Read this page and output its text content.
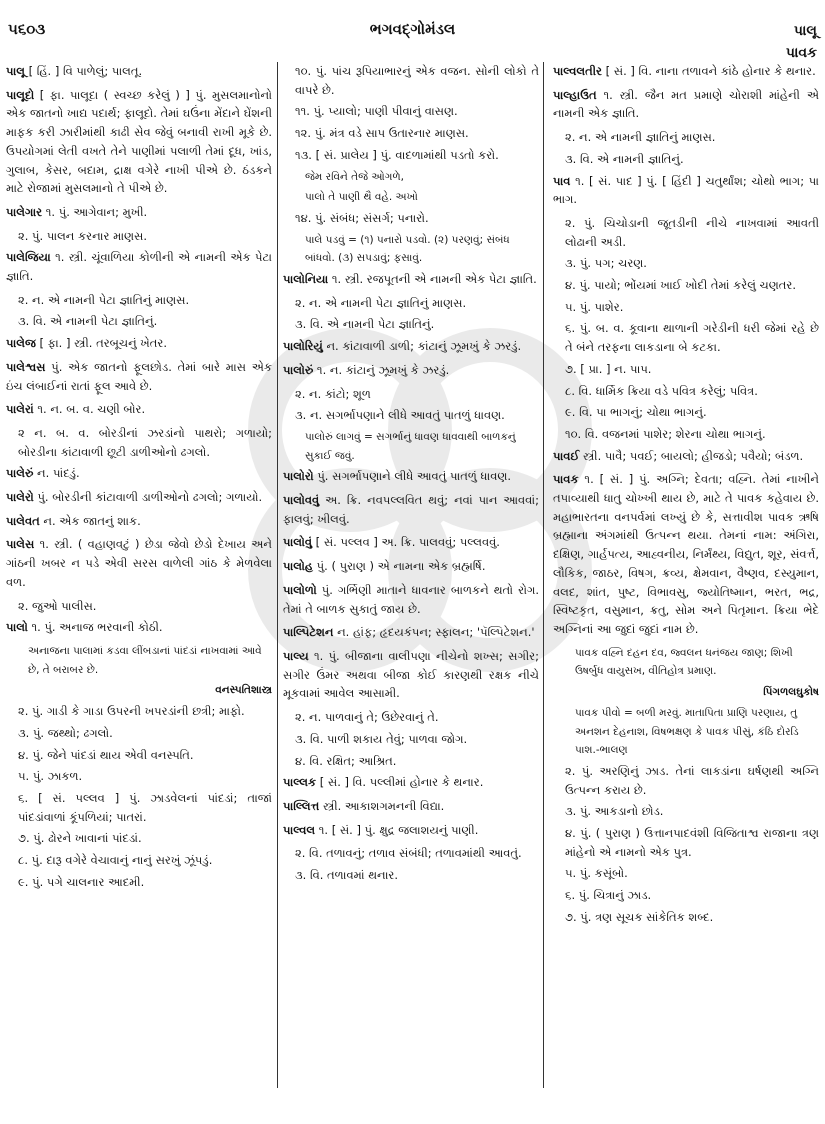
૫૬૦૩	ભગવદ્ગોમંડલ	પાલૂ
પાવક

પાલૂ [ હિં. ] વિ પાળેલું; પાલતૂ.

પાલૂદો [ ફા. પાલૂદા ( સ્વચ્છ કરેલું ) ] પું. મુસલમાનોનો એક જાતનો ખાદ્ય પદાર્થ; ફાલૂદો. તેમાં ઘઉંના મેંદાને ઘેંશની માફક કરી ઝારીમાંથી કાઢી સેવ જેવું બનાવી રાખી મૂકે છે. ઉપયોગમાં લેતી વખતે તેને પાણીમાં પલાળી તેમાં દૂધ, ખાંડ, ગુલાબ, કેસર, બદામ, દ્રાક્ષ વગેરે નાખી પીએ છે. ઠંડકને માટે રોજામાં મુસલમાનો તે પીએ છે.

પાલેગાર ૧. પું. આગેવાન; મુખી.

૨. પું. પાલન કરનાર માણસ.

પાલેજિયા ૧. સ્ત્રી. ચૂંવાળિયા કોળીની એ નામની એક પેટા જ્ઞાતિ.

૨. ન. એ નામની પેટા જ્ઞાતિનું માણસ.

૩. વિ. એ નામની પેટા જ્ઞાતિનું.

પાલેજ [ ફા. ] સ્ત્રી. તરબૂચનું ખેતર.

પાલેશ્વસ પું. એક જાતનો ફૂલછોડ. તેમાં બારે માસ એક ઇંચ લંબાઈનાં રાતાં ફૂલ આવે છે.

પાલેરાં ૧. ન. બ. વ. ચણી બોર.

૨ ન. બ. વ. બોરડીનાં ઝરડાંનો પાથરો; ગળાયો; બોરડીના કાંટાવાળી છૂટી ડાળીઓનો ઢગલો.

પાલેરું ન. પાંદડું.

પાલેરો પું. બોરડીની કાંટાવાળી ડાળીઓનો ઢગલો; ગળાયો.

પાલેવત ન. એક જાતનું શાક.

પાલેસ ૧. સ્ત્રી. ( વહાણવટું ) છેડા જેવો છેડો દેખાય અને ગાંઠની ખબર ન પડે એવી સરસ વાળેલી ગાંઠ કે મેળવેલા વળ.

૨. જુઓ પાલીસ.

પાલો ૧. પું. અનાજ ભરવાની કોઠી.

અનાજના પાલામાં કડવા લીંબડાનાં પાંદડાં નાખવામાં આવે છે, તે બરાબર છે.

વનસ્પતિશાસ્ત્ર

૨. પું. ગાડી કે ગાડા ઉપરની ખપરડાંની છત્રી; માફો.

૩. પું. જથ્થો; ઢગલો.

૪. પું. જેને પાંદડાં થાય એવી વનસ્પતિ.

૫. પું. ઝાકળ.

૬. [ સં. પલ્લવ ] પું. ઝાડવેલનાં પાંદડાં; તાજાં પાંદડાંવાળાં કૂંપળિયાં; પાતરાં.

૭. પું. ઢોરને ખાવાનાં પાંદડાં.

૮. પું. દારૂ વગેરે વેચાવાનું નાનું સરખું ઝૂંપડું.

૯. પું. પગે ચાલનાર આદમી.

૧૦. પું. પાંચ રૂપિયાભારનું એક વજન. સોની લોકો તે વાપરે છે.

૧૧. પું. પ્યાલો; પાણી પીવાનું વાસણ.

૧૨. પું. મંત્ર વડે સાપ ઉતારનાર માણસ.

૧૩. [ સં. પ્રાલેય ] પું. વાદળામાંથી પડતો કરો.

જેમ રવિને તેજે ઓગળે,

પાલો તે પાણી થૈ વહે. અખો

૧૪. પું. સંબંધ; સંસર્ગ; પનારો.

પાલે પડવું = (૧) પનારો પડવો. (૨) પરણવું; સંબંધ બાંધવો. (૩) સપડાવું; ફસાવું.

પાલોનિયા ૧. સ્ત્રી. રજપૂતની એ નામની એક પેટા જ્ઞાતિ.

૨. ન. એ નામની પેટા જ્ઞાતિનું માણસ.

૩. વિ. એ નામની પેટા જ્ઞાતિનું.

પાલોરિયું ન. કાંટાવાળી ડાળી; કાંટાનું ઝૂમખું કે ઝરડું.

પાલોરું ૧. ન. કાંટાનું ઝૂમખું કે ઝરડું.

૨. ન. કાંટો; શૂળ

૩. ન. સગર્ભાપણાને લીધે આવતું પાતળું ધાવણ.

પાલોરું લાગવું = સગર્ભાનું ધાવણ ધાવવાથી બાળકનું સુકાઈ જવું.

પાલોરો પું. સગર્ભાપણાને લીધે આવતું પાતળું ધાવણ.

પાલોવવું અ. ક્રિ. નવપલ્લવિત થવું; નવાં પાન આવવાં; ફાલવું; ખીલવું.

પાલોવું [ સં. પલ્લવ ] અ. ક્રિ. પાલવવું; પલ્લવવું.

પાલોહ પું. ( પુરાણ ) એ નામના એક બ્રહ્મર્ષિ.

પાલોળો પું. ગર્ભિણી માતાને ધાવનાર બાળકને થતો રોગ. તેમાં તે બાળક સુકાતું જાય છે.

પાલ્પિટેશન ન. હાંફ; હૃદયકંપન; સ્ફાલન; 'પૅલ્પિટેશન.'

પાલ્ય ૧. પું. બીજાના વાલીપણા નીચેનો શખ્સ; સગીર; સગીર ઉંમર અથવા બીજા કોઈ કારણથી રક્ષક નીચે મૂકવામાં આવેલ આસામી.

૨. ન. પાળવાનું તે; ઉછેરવાનું તે.

૩. વિ. પાળી શકાય તેવું; પાળવા જોગ.

૪. વિ. રક્ષિત; આશ્રિત.

પાલ્લક [ સં. ] વિ. પલ્લીમાં હોનાર કે થનાર.

પાલ્લિત્ત સ્ત્રી. આકાશગમનની વિદ્યા.

પાલ્વલ ૧. [ સં. ] પું. ક્ષુદ્ર જલાશયનું પાણી.

૨. વિ. તળાવનું; તળાવ સંબંધી; તળાવમાંથી આવતું.

૩. વિ. તળાવમાં થનાર.

પાલ્વલતીર [ સં. ] વિ. નાના તળાવને કાંઠે હોનાર કે થનાર.

પાલ્હાઉત ૧. સ્ત્રી. જૈન મત પ્રમાણે ચોરાશી માંહેની એ નામની એક જ્ઞાતિ.

૨. ન. એ નામની જ્ઞાતિનું માણસ.

૩. વિ. એ નામની જ્ઞાતિનું.

પાવ ૧. [ સં. પાદ ] પું. [ હિંદી ] ચતુર્થાંશ; ચોથો ભાગ; પા ભાગ.

૨. પું. ચિચોડાની જૂતડીની નીચે નાખવામાં આવતી લોઢાની અડી.

૩. પું. પગ; ચરણ.

૪. પું. પાયો; ભોંયમાં ખાઈ ખોદી તેમાં કરેલું ચણતર.

૫. પું. પાશેર.

૬. પું. બ. વ. કૂવાના થાળાની ગરેડીની ધરી જેમાં રહે છે તે બંને તરફના લાકડાના બે કટકા.

૭. [ પ્રા. ] ન. પાપ.

૮. વિ. ધાર્મિક ક્રિયા વડે પવિત્ર કરેલું; પવિત્ર.

૯. વિ. પા ભાગનું; ચોથા ભાગનું.

૧૦. વિ. વજનમાં પાશેર; શેરના ચોથા ભાગનું.

પાવઈ સ્ત્રી. પાવૈ; પવઈ; બાયલો; હીજડો; પવૈયો; બંડળ.

પાવક ૧. [ સં. ] પું. અગ્નિ; દેવતા; વહ્નિ. તેમાં નાખીને તપાવ્યાથી ધાતુ ચોખ્ખી થાય છે, માટે તે પાવક કહેવાય છે. મહાભારતના વનપર્વમાં લખ્યું છે કે, સત્તાવીશ પાવક ઋષિ બ્રહ્માના અંગમાંથી ઉત્પન્ન થયા. તેમનાં નામ: અંગિરા, દક્ષિણ, ગાર્હપત્ય, આહ્વનીય, નિર્મંથ્ય, વિદ્યુત, શૂર, સંવર્ત્ત, લૌકિક, જાઠર, વિષગ, ક્રવ્ય, ક્ષેમવાન, વૈષ્ણવ, દસ્યુમાન, વલદ, શાંત, પુષ્ટ, વિભાવસુ, જ્યોતિષ્માન, ભરત, ભદ્ર, સ્વિષ્ટકૃત, વસુમાન, ક્રતુ, સોમ અને પિતૃમાન. ક્રિયા ભેદે અગ્નિનાં આ જુદાં જુદાં નામ છે.

પાવક વહ્નિ દહન દવ, જ્વલન ધનંજય જાણ; શિખી ઉષર્બુધ વાયુસખ, વીતિહોત્ર પ્રમાણ.

પિંગળલઘુકોષ

પાવક પીવો = બળી મરવું. માતાપિતા પ્રાણિ પરણાય, તુ અનશન દેહનાશ, વિષભક્ષણ કે પાવક પીસું, કંઠિ દોરડિ પાશ.-ભાલણ

૨. પું. અરણિનું ઝાડ. તેનાં લાકડાંના ઘર્ષણથી અગ્નિ ઉત્પન્ન કરાય છે.

૩. પું. આકડાનો છોડ.

૪. પું. ( પુરાણ ) ઉત્તાનપાદવંશી વિજિતાશ્વ રાજાના ત્રણ માંહેનો એ નામનો એક પુત્ર.

૫. પું. કસૂંબો.

૬. પું. ચિત્રાનું ઝાડ.

૭. પું. ત્રણ સૂચક સાંકેતિક શબ્દ.
